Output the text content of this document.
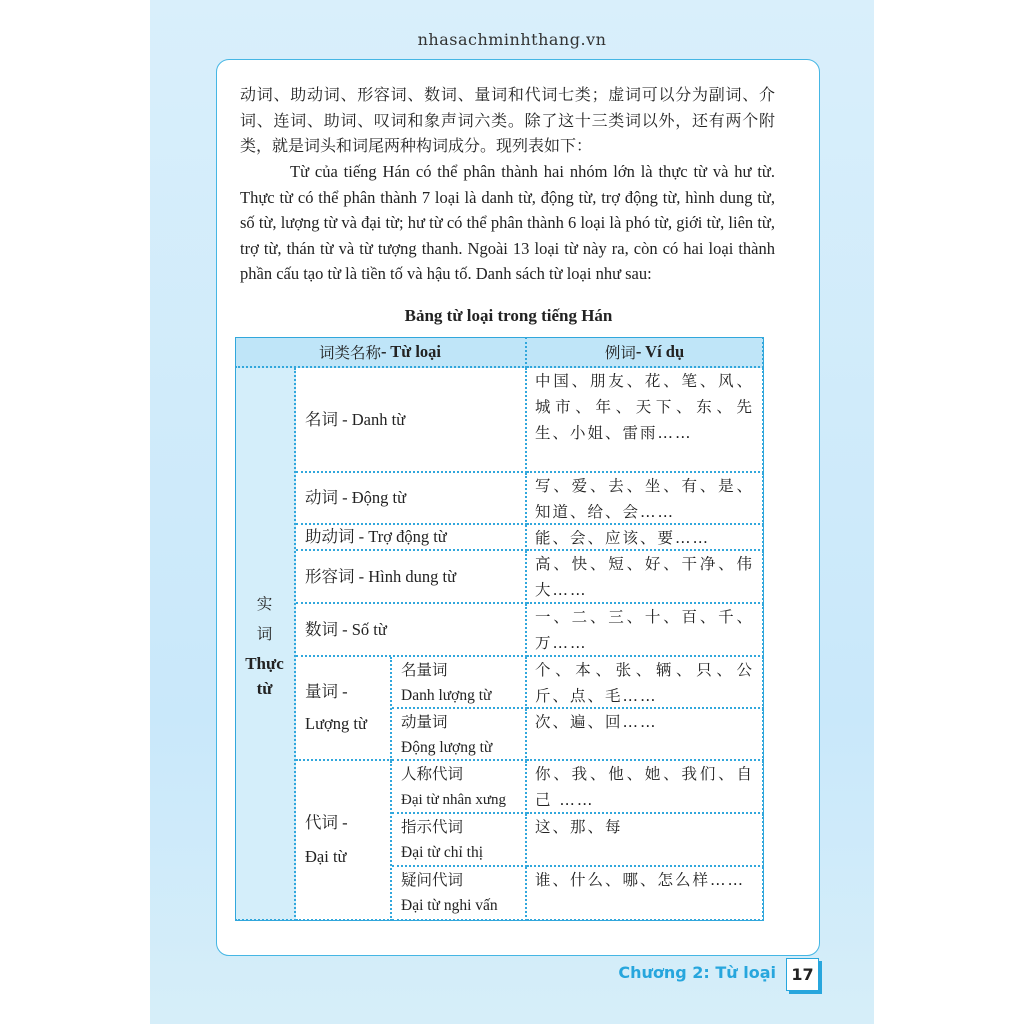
nhasachminhthang.vn

动词、助动词、形容词、数词、量词和代词七类；虚词可以分为副词、介词、连词、助词、叹词和象声词六类。除了这十三类词以外，还有两个附类，就是词头和词尾两种构词成分。现列表如下：

Từ của tiếng Hán có thể phân thành hai nhóm lớn là thực từ và hư từ. Thực từ có thể phân thành 7 loại là danh từ, động từ, trợ động từ, hình dung từ, số từ, lượng từ và đại từ; hư từ có thể phân thành 6 loại là phó từ, giới từ, liên từ, trợ từ, thán từ và từ tượng thanh. Ngoài 13 loại từ này ra, còn có hai loại thành phần cấu tạo từ là tiền tố và hậu tố. Danh sách từ loại như sau:

Bảng từ loại trong tiếng Hán
词类名称 - Từ loại	例词 - Ví dụ
实
词
Thực
từ
名词 - Danh từ
中国、朋友、花、笔、风、城市、年、天下、东、先生、小姐、雷雨……
动词 - Động từ
写、爱、去、坐、有、是、知道、给、会……
助动词 - Trợ động từ	能、会、应该、要……
形容词 - Hình dung từ
高、快、短、好、干净、伟大……
数词 - Số từ
一、二、三、十、百、千、万……
量词 -
Lượng từ
名量词
Danh lượng từ
个、本、张、辆、只、公斤、点、毛……
动量词
Động lượng từ
次、遍、回……
代词 -
Đại từ
人称代词
Đại từ nhân xưng
你、我、他、她、我们、自己 ……
指示代词
Đại từ chỉ thị
这、那、每
疑问代词
Đại từ nghi vấn
谁、什么、哪、怎么样……
Chương 2: Từ loại 17
